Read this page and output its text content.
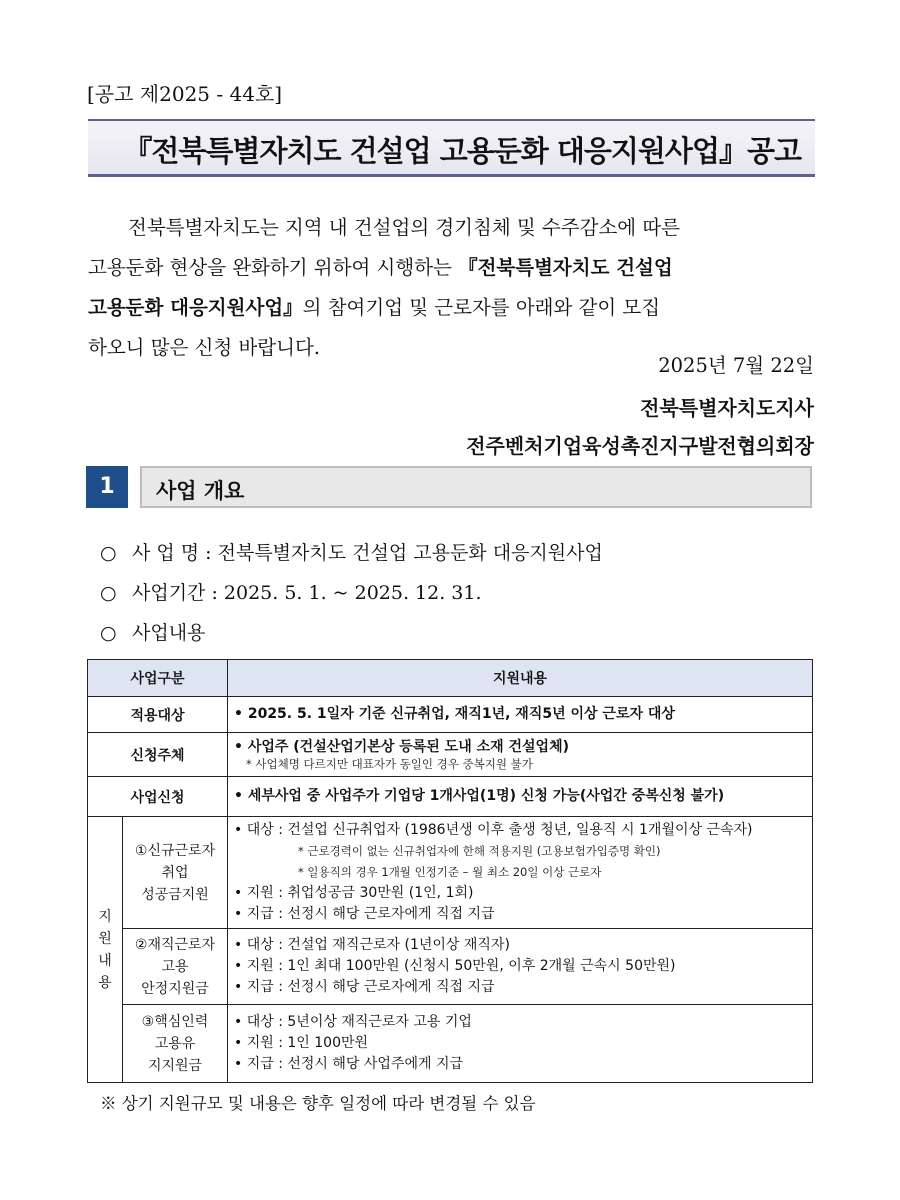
[공고 제2025 - 44호]
『전북특별자치도 건설업 고용둔화 대응지원사업』공고
전북특별자치도는 지역 내 건설업의 경기침체 및 수주감소에 따른
고용둔화 현상을 완화하기 위하여 시행하는 『전북특별자치도 건설업
고용둔화 대응지원사업』의 참여기업 및 근로자를 아래와 같이 모집
하오니 많은 신청 바랍니다.
2025년 7월 22일
전북특별자치도지사
전주벤처기업육성촉진지구발전협의회장
1	사업 개요
○ 사 업 명 : 전북특별자치도 건설업 고용둔화 대응지원사업
○ 사업기간 : 2025. 5. 1. ~ 2025. 12. 31.
○ 사업내용
사업구분		지원내용
적용대상		• 2025. 5. 1일자 기준 신규취업, 재직1년, 재직5년 이상 근로자 대상

신청주체		• 사업주 (건설산업기본상 등록된 도내 소재 건설업체)
* 사업체명 다르지만 대표자가 동일인 경우 중복지원 불가

사업신청		• 세부사업 중 사업주가 기업당 1개사업(1명) 신청 가능(사업간 중복신청 불가)

지
원
내
용	①신규근로자
취업
성공금지원	• 대상 : 건설업 신규취업자 (1986년생 이후 출생 청년, 일용직 시 1개월이상 근속자)
* 근로경력이 없는 신규취업자에 한해 적용지원 (고용보험가입증명 확인)
* 일용직의 경우 1개월 인정기준 – 월 최소 20일 이상 근로자
• 지원 : 취업성공금 30만원 (1인, 1회)
• 지급 : 선정시 해당 근로자에게 직접 지급

	②재직근로자
고용
안정지원금	• 대상 : 건설업 재직근로자 (1년이상 재직자)
• 지원 : 1인 최대 100만원 (신청시 50만원, 이후 2개월 근속시 50만원)
• 지급 : 선정시 해당 근로자에게 직접 지급

	③핵심인력
고용유
지지원금	• 대상 : 5년이상 재직근로자 고용 기업
• 지원 : 1인 100만원
• 지급 : 선정시 해당 사업주에게 지급
※ 상기 지원규모 및 내용은 향후 일정에 따라 변경될 수 있음
